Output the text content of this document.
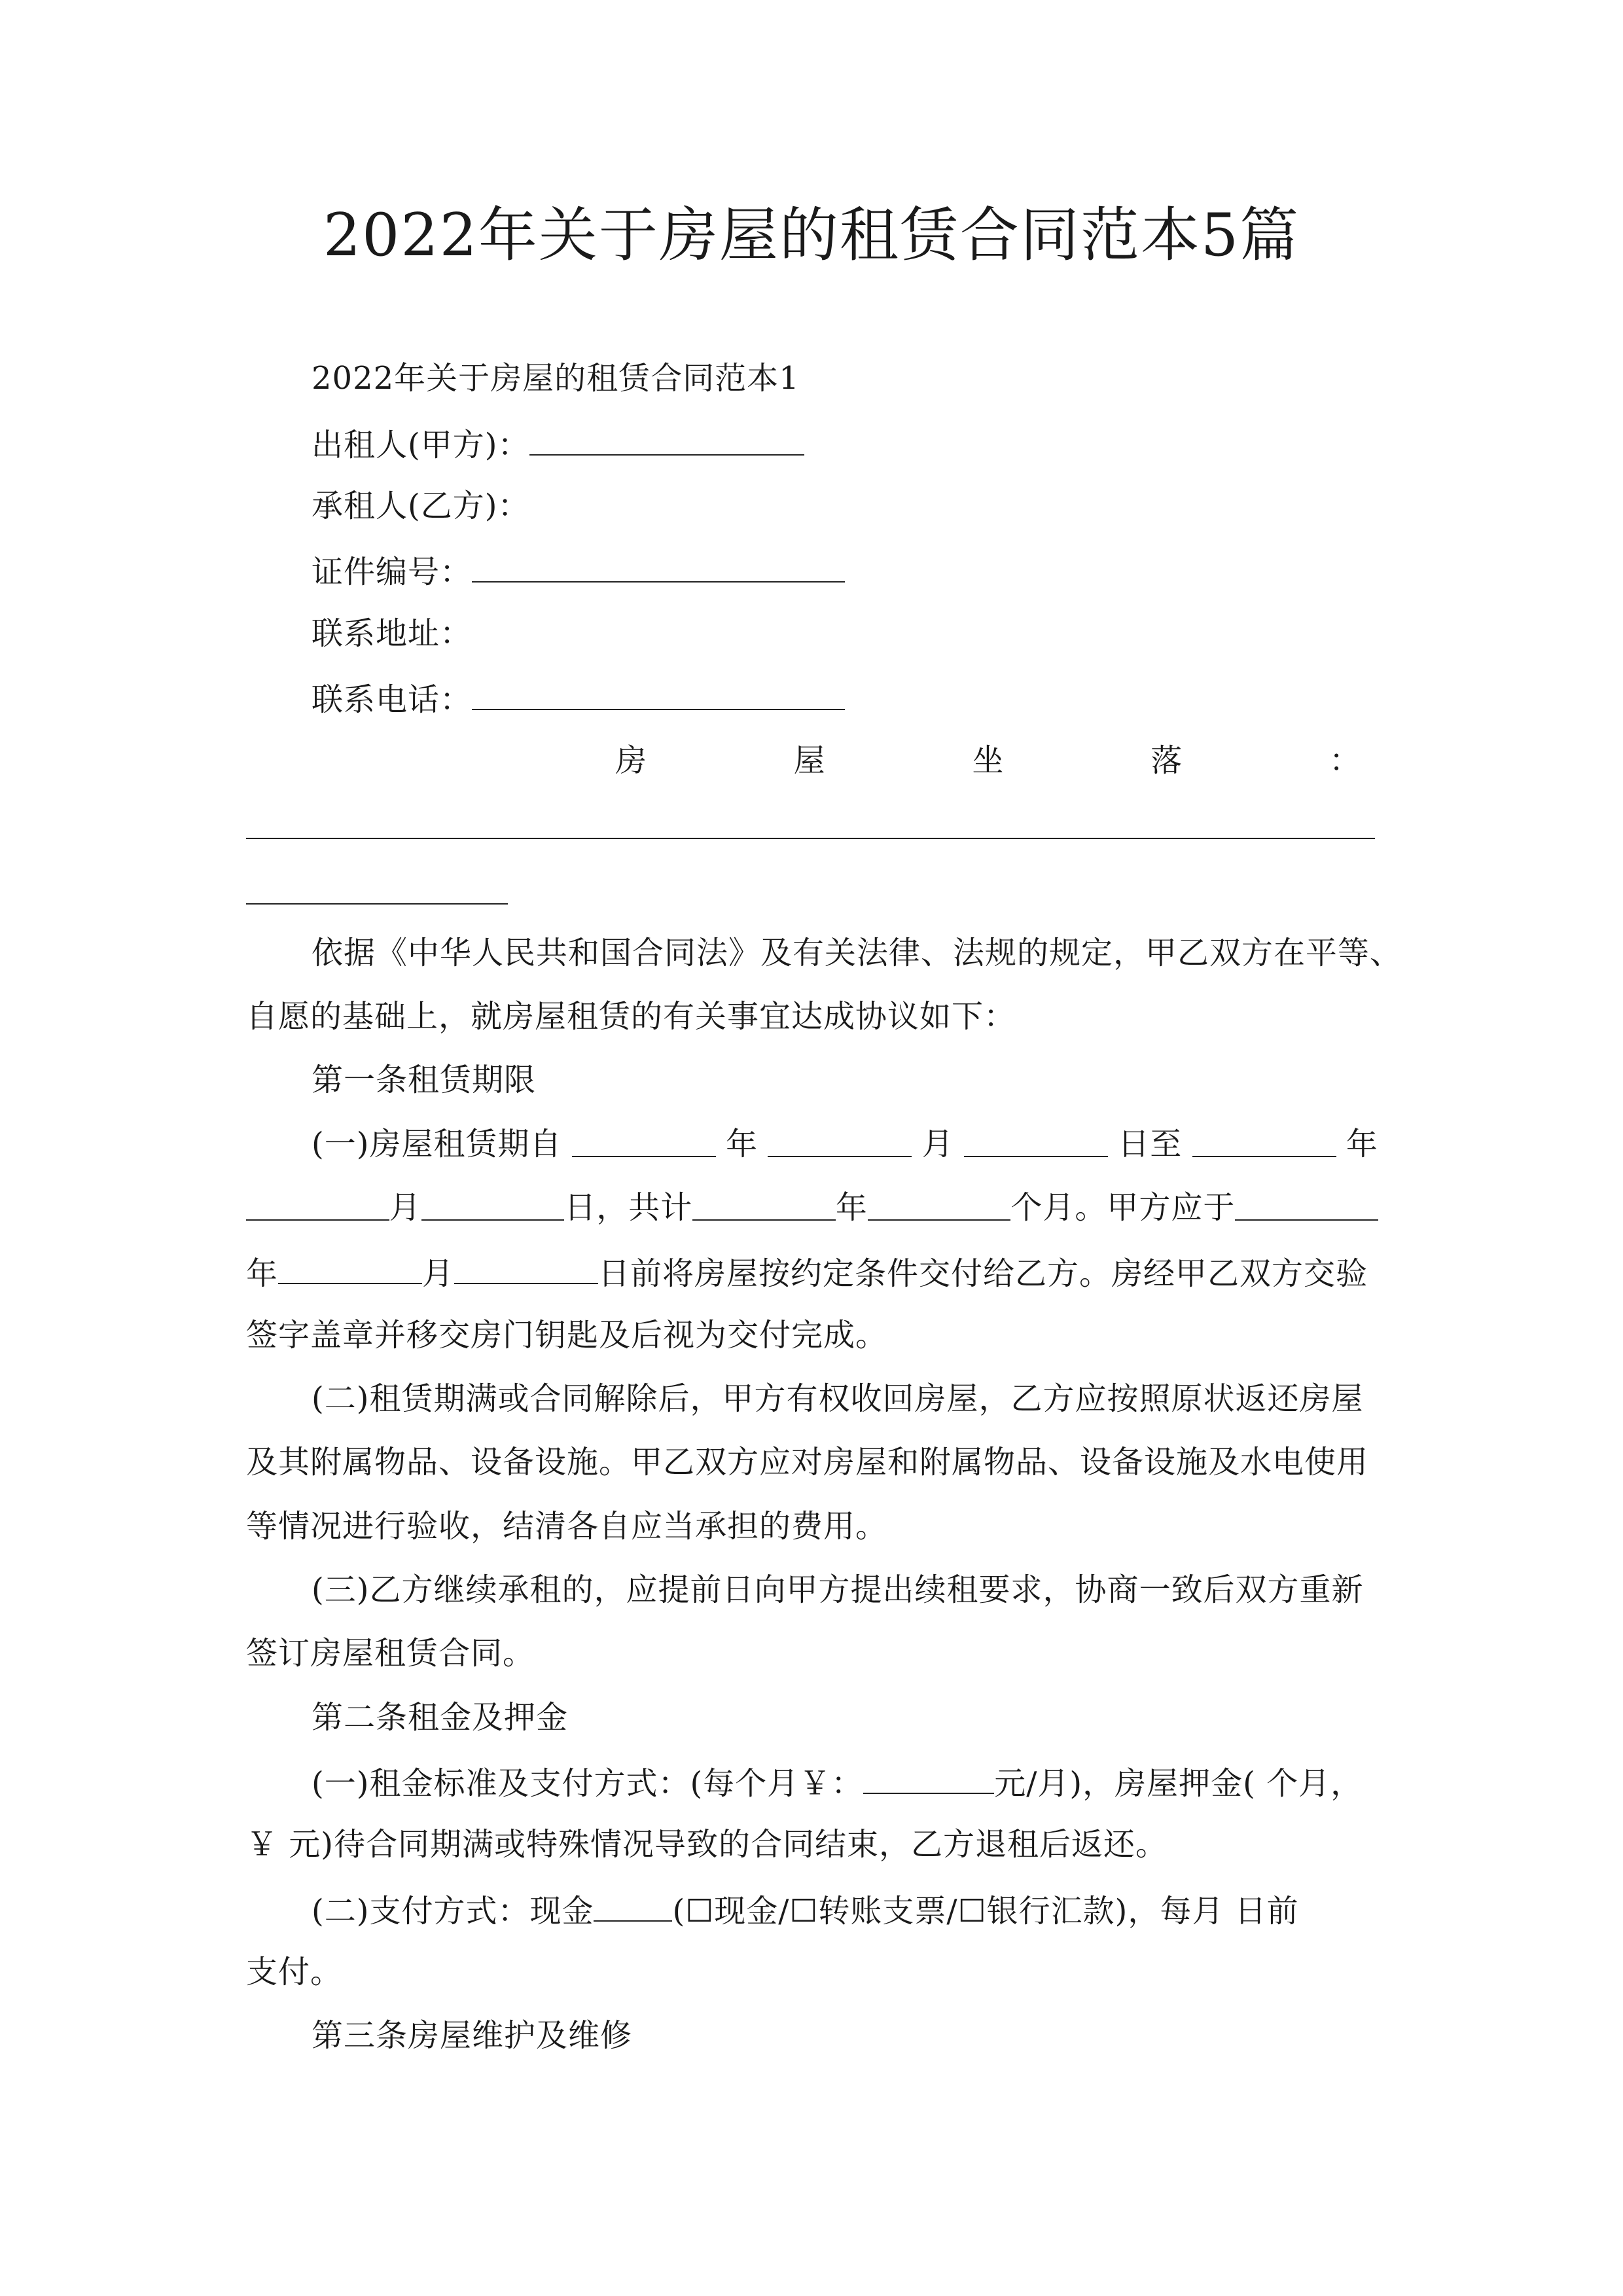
2022年关于房屋的租赁合同范本5篇
2022年关于房屋的租赁合同范本1
出租人(甲方)：
承租人(乙方)：
证件编号：
联系地址：
联系电话：
房	屋	坐	落	：
依据《中华人民共和国合同法》及有关法律、法规的规定，甲乙双方在平等、
自愿的基础上，就房屋租赁的有关事宜达成协议如下：
第一条租赁期限
(一)房屋租赁期自	年	月	日至	年
月	日，共计	年	个月。甲方应于
年	月	日前将房屋按约定条件交付给乙方。房经甲乙双方交验
签字盖章并移交房门钥匙及后视为交付完成。
(二)租赁期满或合同解除后，甲方有权收回房屋，乙方应按照原状返还房屋
及其附属物品、设备设施。甲乙双方应对房屋和附属物品、设备设施及水电使用
等情况进行验收，结清各自应当承担的费用。
(三)乙方继续承租的，应提前日向甲方提出续租要求，协商一致后双方重新
签订房屋租赁合同。
第二条租金及押金
(一)租金标准及支付方式：(每个月￥：	元/月)，房屋押金( 个月，
￥ 元)待合同期满或特殊情况导致的合同结束，乙方退租后返还。
(二)支付方式：现金	(☐现金/☐转账支票/☐银行汇款)，每月 日前
支付。
第三条房屋维护及维修
